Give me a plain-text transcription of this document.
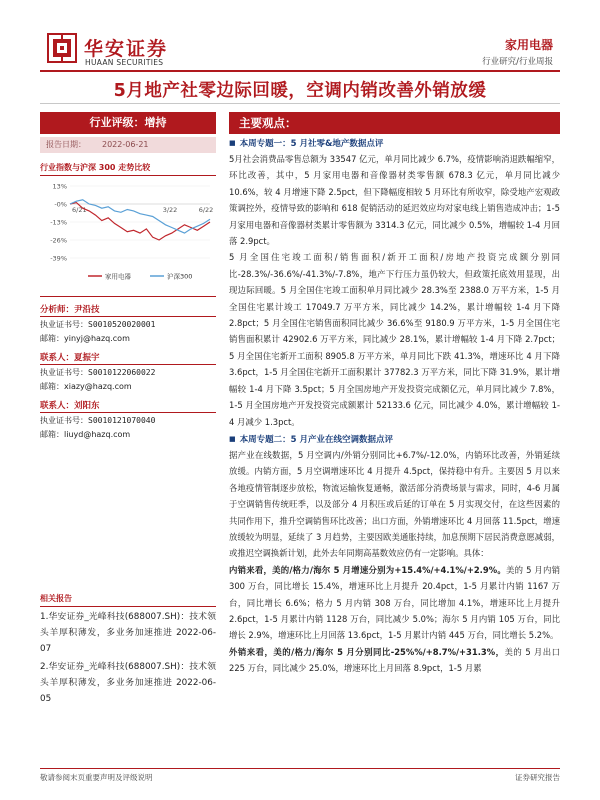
华安证券
HUAAN SECURITIES
家用电器
行业研究/行业周报
5月地产社零边际回暖，空调内销改善外销放缓
行业评级：增持
报告日期： 2022-06-21
行业指数与沪深 300 走势比较
13%
-0%
-13%
-26%
-39%
6/21	3/22	6/22
家用电器	沪深300
分析师：尹沿技
执业证书号：S0010520020001
邮箱：yinyj@hazq.com
联系人：夏振宇
执业证书号：S0010122060022
邮箱：xiazy@hazq.com
联系人：刘阳东
执业证书号：S0010121070040
邮箱：liuyd@hazq.com
相关报告
1.华安证券_光峰科技(688007.SH)：技术领头羊厚积薄发，多业务加速推进 2022-06-07
2.华安证券_光峰科技(688007.SH)：技术领头羊厚积薄发，多业务加速推进 2022-06-05
主要观点：
■ 本周专题一：5 月社零&地产数据点评

5月社会消费品零售总额为 33547 亿元，单月同比减少 6.7%，疫情影响消退跌幅缩窄，环比改善，其中，5 月家用电器和音像器材类零售额 678.3 亿元，单月同比减少 10.6%，较 4 月增速下降 2.5pct，但下降幅度相较 5 月环比有所收窄，除受地产宏观政策调控外，疫情导致的影响和 618 促销活动的延迟效应均对家电线上销售造成冲击；1-5 月家用电器和音像器材类累计零售额为 3314.3 亿元，同比减少 0.5%，增幅较 1-4 月回落 2.9pct。

5 月全国住宅竣工面积/销售面积/新开工面积/房地产投资完成额分别同比-28.3%/-36.6%/-41.3%/-7.8%，地产下行压力虽仍较大，但政策托底效用显现，出现边际回暖。5 月全国住宅竣工面积单月同比减少 28.3%至 2388.0 万平方米，1-5 月全国住宅累计竣工 17049.7 万平方米，同比减少 14.2%，累计增幅较 1-4 月下降 2.8pct；5 月全国住宅销售面积同比减少 36.6%至 9180.9 万平方米，1-5 月全国住宅销售面积累计 42902.6 万平方米，同比减少 28.1%，累计增幅较 1-4 月下降 2.7pct；5 月全国住宅新开工面积 8905.8 万平方米，单月同比下跌 41.3%，增速环比 4 月下降 3.6pct，1-5 月全国住宅新开工面积累计 37782.3 万平方米，同比下降 31.9%，累计增幅较 1-4 月下降 3.5pct；5 月全国房地产开发投资完成额亿元，单月同比减少 7.8%，1-5 月全国房地产开发投资完成额累计 52133.6 亿元，同比减少 4.0%，累计增幅较 1-4 月减少 1.3pct。

■ 本周专题二：5 月产业在线空调数据点评

据产业在线数据，5 月空调内/外销分别同比+6.7%/-12.0%，内销环比改善，外销延续放缓。内销方面，5 月空调增速环比 4 月提升 4.5pct，保持稳中有升。主要因 5 月以来各地疫情管制逐步放松，物流运输恢复通畅，激活部分消费场景与需求，同时，4-6 月属于空调销售传统旺季，以及部分 4 月积压或后延的订单在 5 月实现交付，在这些因素的共同作用下，推升空调销售环比改善；出口方面，外销增速环比 4 月回落 11.5pct，增速放缓较为明显，延续了 3 月趋势，主要因欧美通胀持续，加息预期下居民消费意愿减弱，或推迟空调换新计划，此外去年同期高基数效应仍有一定影响。具体：

内销来看，美的/格力/海尔 5 月增速分别为+15.4%/+4.1%/+2.9%。美的 5 月内销 300 万台，同比增长 15.4%，增速环比上月提升 20.4pct，1-5 月累计内销 1167 万台，同比增长 6.6%；格力 5 月内销 308 万台，同比增加 4.1%，增速环比上月提升 2.6pct，1-5 月累计内销 1128 万台，同比减少 5.0%；海尔 5 月内销 105 万台，同比增长 2.9%，增速环比上月回落 13.6pct，1-5 月累计内销 445 万台，同比增长 5.2%。

外销来看，美的/格力/海尔 5 月分别同比-25%%/+8.7%/+31.3%，美的 5 月出口 225 万台，同比减少 25.0%，增速环比上月回落 8.9pct，1-5 月累

敬请参阅末页重要声明及评级说明	证券研究报告
